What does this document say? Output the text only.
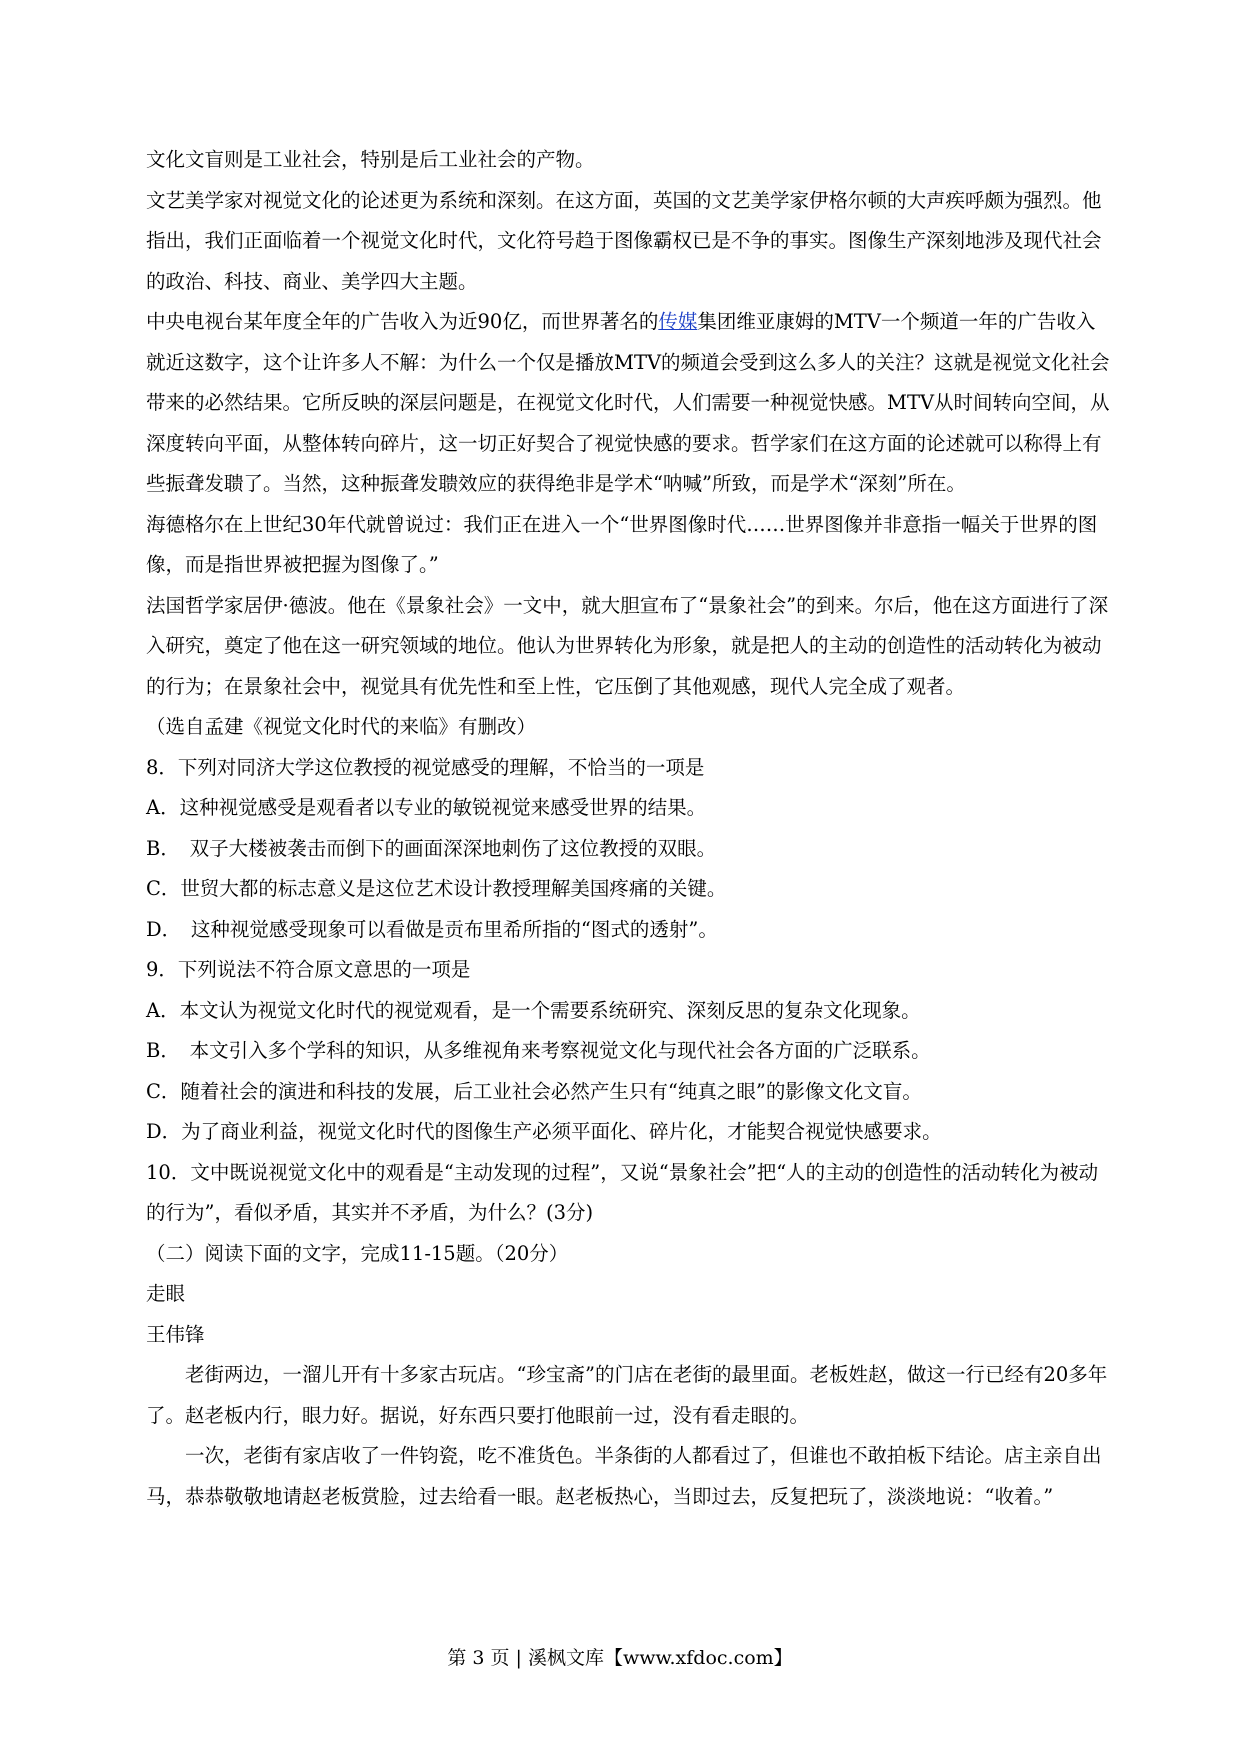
文化文盲则是工业社会，特别是后工业社会的产物。

文艺美学家对视觉文化的论述更为系统和深刻。在这方面，英国的文艺美学家伊格尔顿的大声疾呼颇为强烈。他指出，我们正面临着一个视觉文化时代，文化符号趋于图像霸权已是不争的事实。图像生产深刻地涉及现代社会的政治、科技、商业、美学四大主题。

中央电视台某年度全年的广告收入为近90亿，而世界著名的传媒集团维亚康姆的MTV一个频道一年的广告收入就近这数字，这个让许多人不解：为什么一个仅是播放MTV的频道会受到这么多人的关注？这就是视觉文化社会带来的必然结果。它所反映的深层问题是，在视觉文化时代，人们需要一种视觉快感。MTV从时间转向空间，从深度转向平面，从整体转向碎片，这一切正好契合了视觉快感的要求。哲学家们在这方面的论述就可以称得上有些振聋发聩了。当然，这种振聋发聩效应的获得绝非是学术“呐喊”所致，而是学术“深刻”所在。

海德格尔在上世纪30年代就曾说过：我们正在进入一个“世界图像时代……世界图像并非意指一幅关于世界的图像，而是指世界被把握为图像了。”

法国哲学家居伊·德波。他在《景象社会》一文中，就大胆宣布了“景象社会”的到来。尔后，他在这方面进行了深入研究，奠定了他在这一研究领域的地位。他认为世界转化为形象，就是把人的主动的创造性的活动转化为被动的行为；在景象社会中，视觉具有优先性和至上性，它压倒了其他观感，现代人完全成了观者。

（选自孟建《视觉文化时代的来临》有删改）

8．下列对同济大学这位教授的视觉感受的理解，不恰当的一项是

A．这种视觉感受是观看者以专业的敏锐视觉来感受世界的结果。

B．　双子大楼被袭击而倒下的画面深深地刺伤了这位教授的双眼。

C．世贸大都的标志意义是这位艺术设计教授理解美国疼痛的关键。

D．　这种视觉感受现象可以看做是贡布里希所指的“图式的透射”。

9．下列说法不符合原文意思的一项是

A．本文认为视觉文化时代的视觉观看，是一个需要系统研究、深刻反思的复杂文化现象。

B．　本文引入多个学科的知识，从多维视角来考察视觉文化与现代社会各方面的广泛联系。

C．随着社会的演进和科技的发展，后工业社会必然产生只有“纯真之眼”的影像文化文盲。

D．为了商业利益，视觉文化时代的图像生产必须平面化、碎片化，才能契合视觉快感要求。

10．文中既说视觉文化中的观看是“主动发现的过程”，又说“景象社会”把“人的主动的创造性的活动转化为被动的行为”，看似矛盾，其实并不矛盾，为什么？(3分)

（二）阅读下面的文字，完成11-15题。（20分）

走眼

王伟锋

老街两边，一溜儿开有十多家古玩店。“珍宝斋”的门店在老街的最里面。老板姓赵，做这一行已经有20多年了。赵老板内行，眼力好。据说，好东西只要打他眼前一过，没有看走眼的。

一次，老街有家店收了一件钧瓷，吃不准货色。半条街的人都看过了，但谁也不敢拍板下结论。店主亲自出马，恭恭敬敬地请赵老板赏脸，过去给看一眼。赵老板热心，当即过去，反复把玩了，淡淡地说：“收着。”

第 3 页 | 溪枫文库【www.xfdoc.com】
